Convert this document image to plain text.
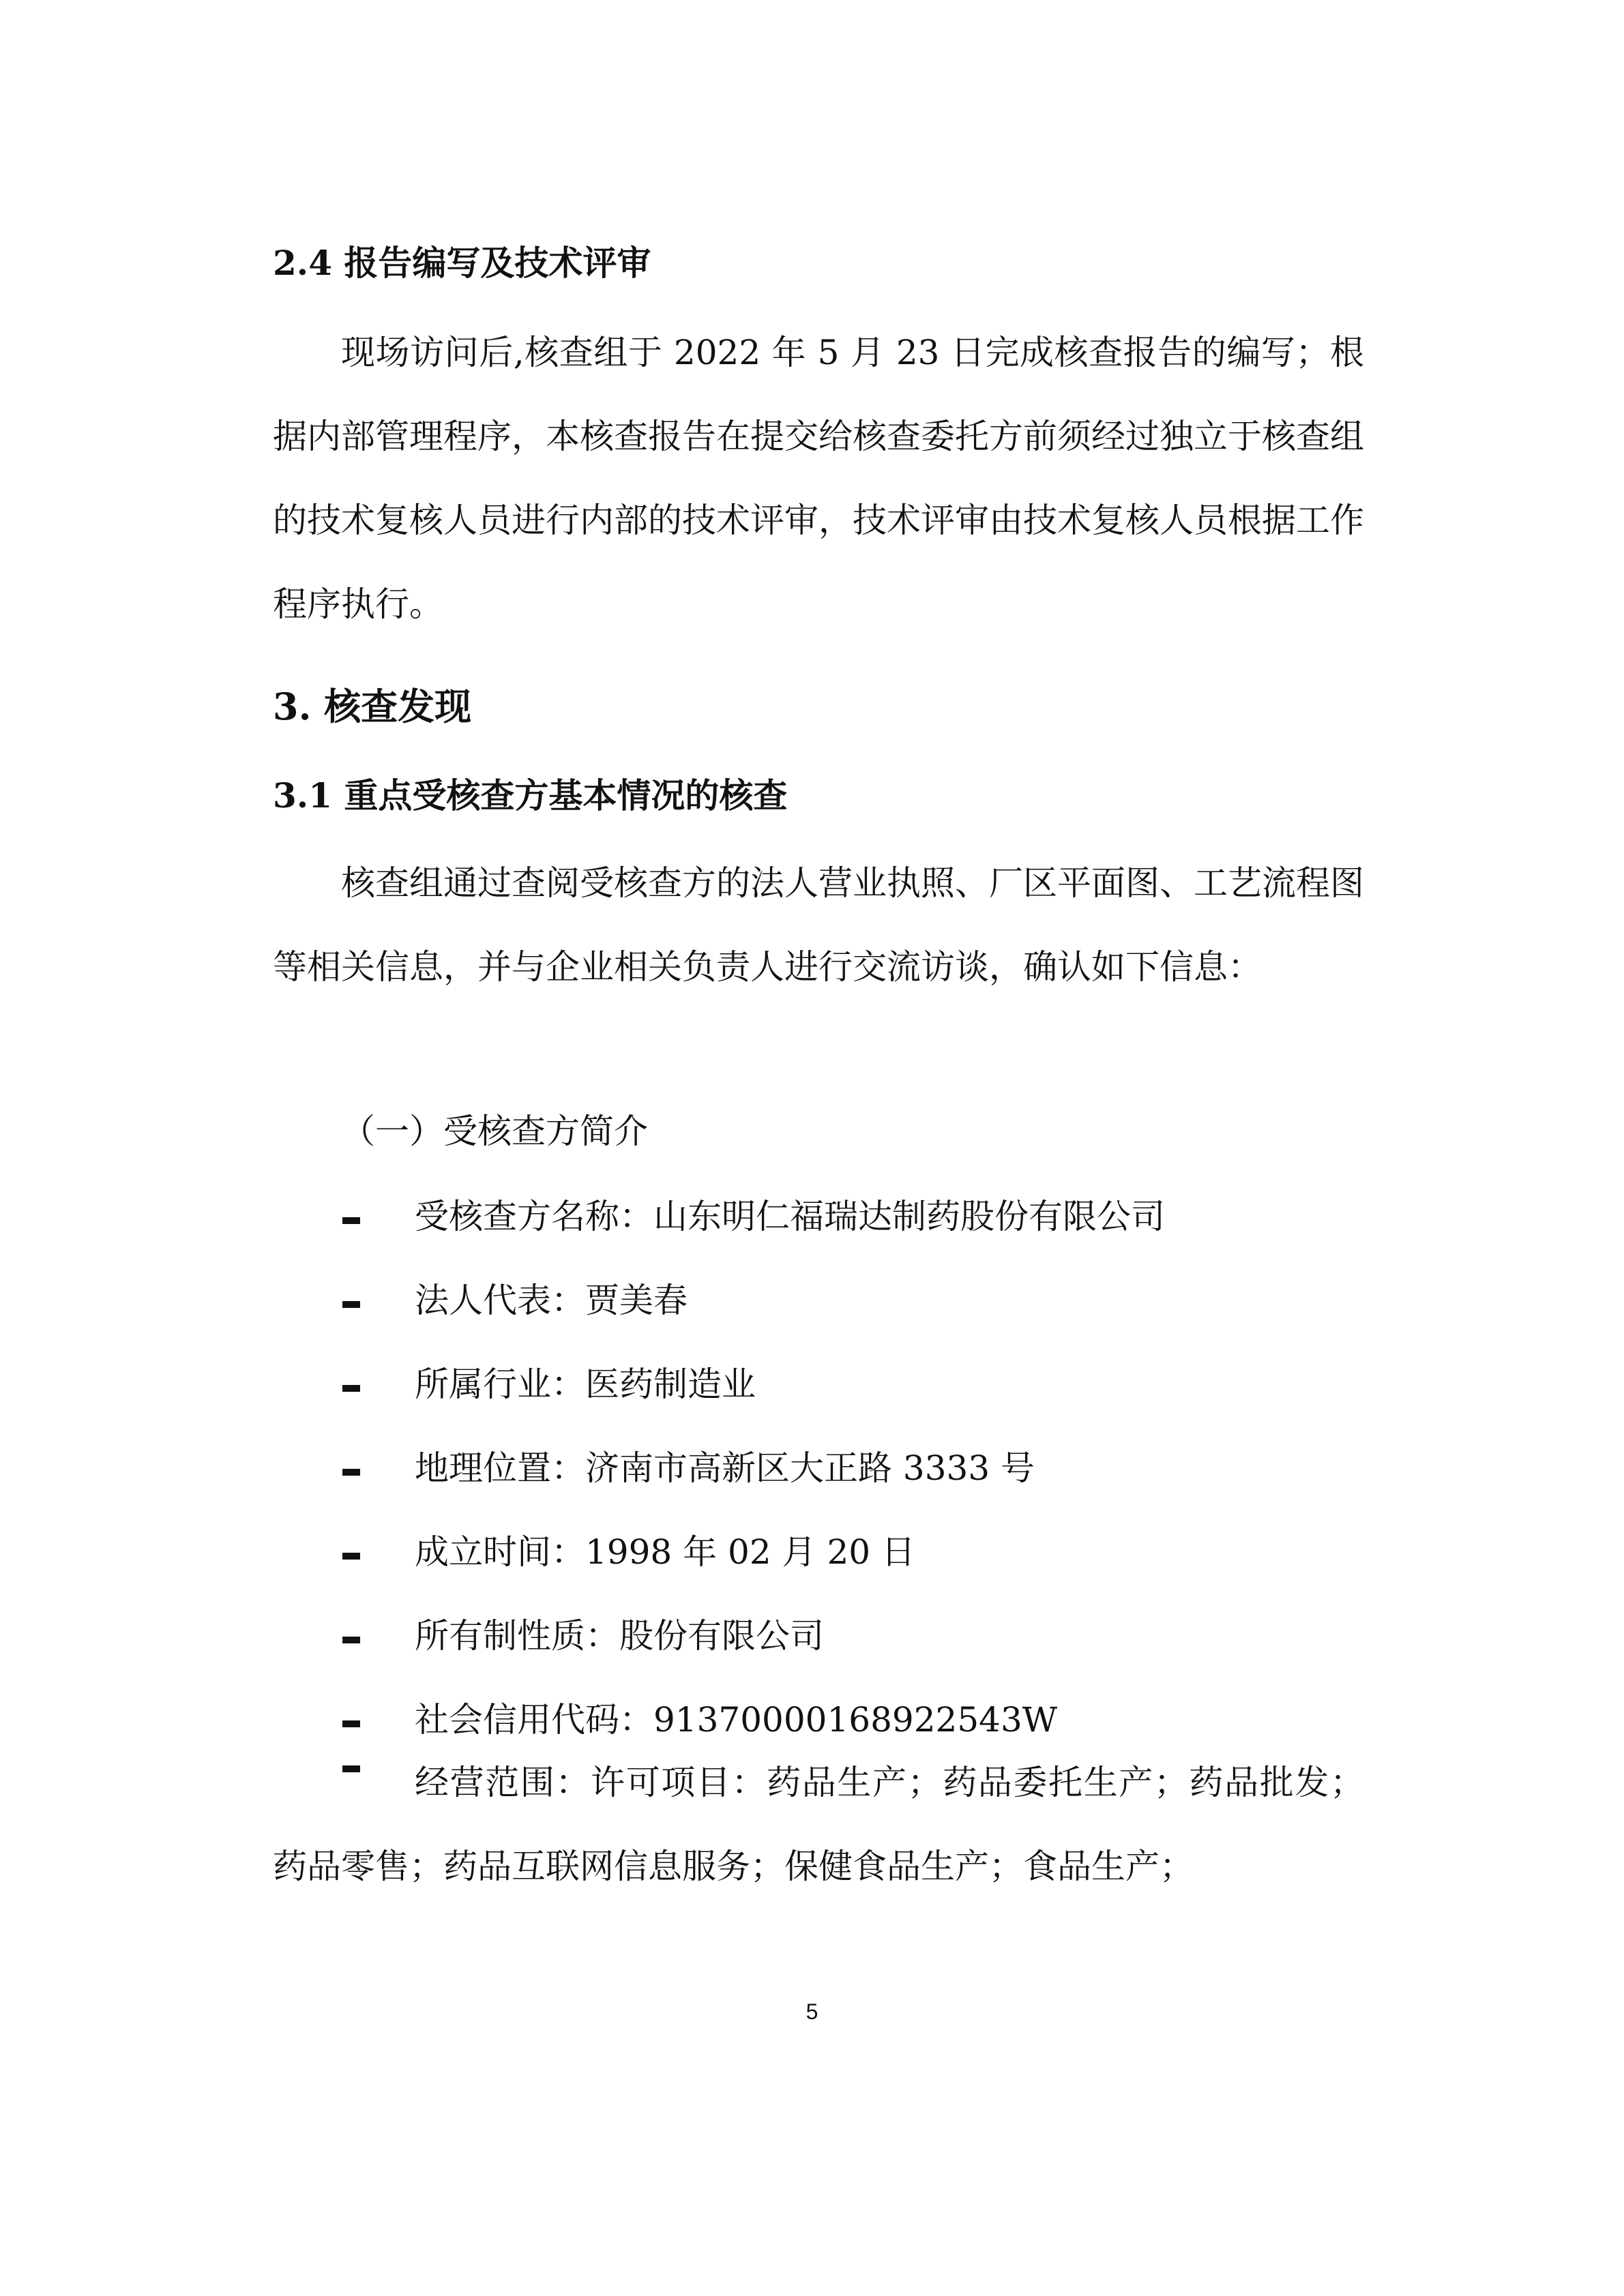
2.4 报告编写及技术评审

现场访问后,核查组于 2022 年 5 月 23 日完成核查报告的编写；根据内部管理程序，本核查报告在提交给核查委托方前须经过独立于核查组的技术复核人员进行内部的技术评审，技术评审由技术复核人员根据工作程序执行。

3. 核查发现
3.1 重点受核查方基本情况的核查

核查组通过查阅受核查方的法人营业执照、厂区平面图、工艺流程图等相关信息，并与企业相关负责人进行交流访谈，确认如下信息：

（一）受核查方简介
受核查方名称：山东明仁福瑞达制药股份有限公司
法人代表：贾美春
所属行业：医药制造业
地理位置：济南市高新区大正路 3333 号
成立时间：1998 年 02 月 20 日
所有制性质：股份有限公司
社会信用代码：91370000168922543W

经营范围：许可项目：药品生产；药品委托生产；药品批发；药品零售；药品互联网信息服务；保健食品生产；食品生产；

5
